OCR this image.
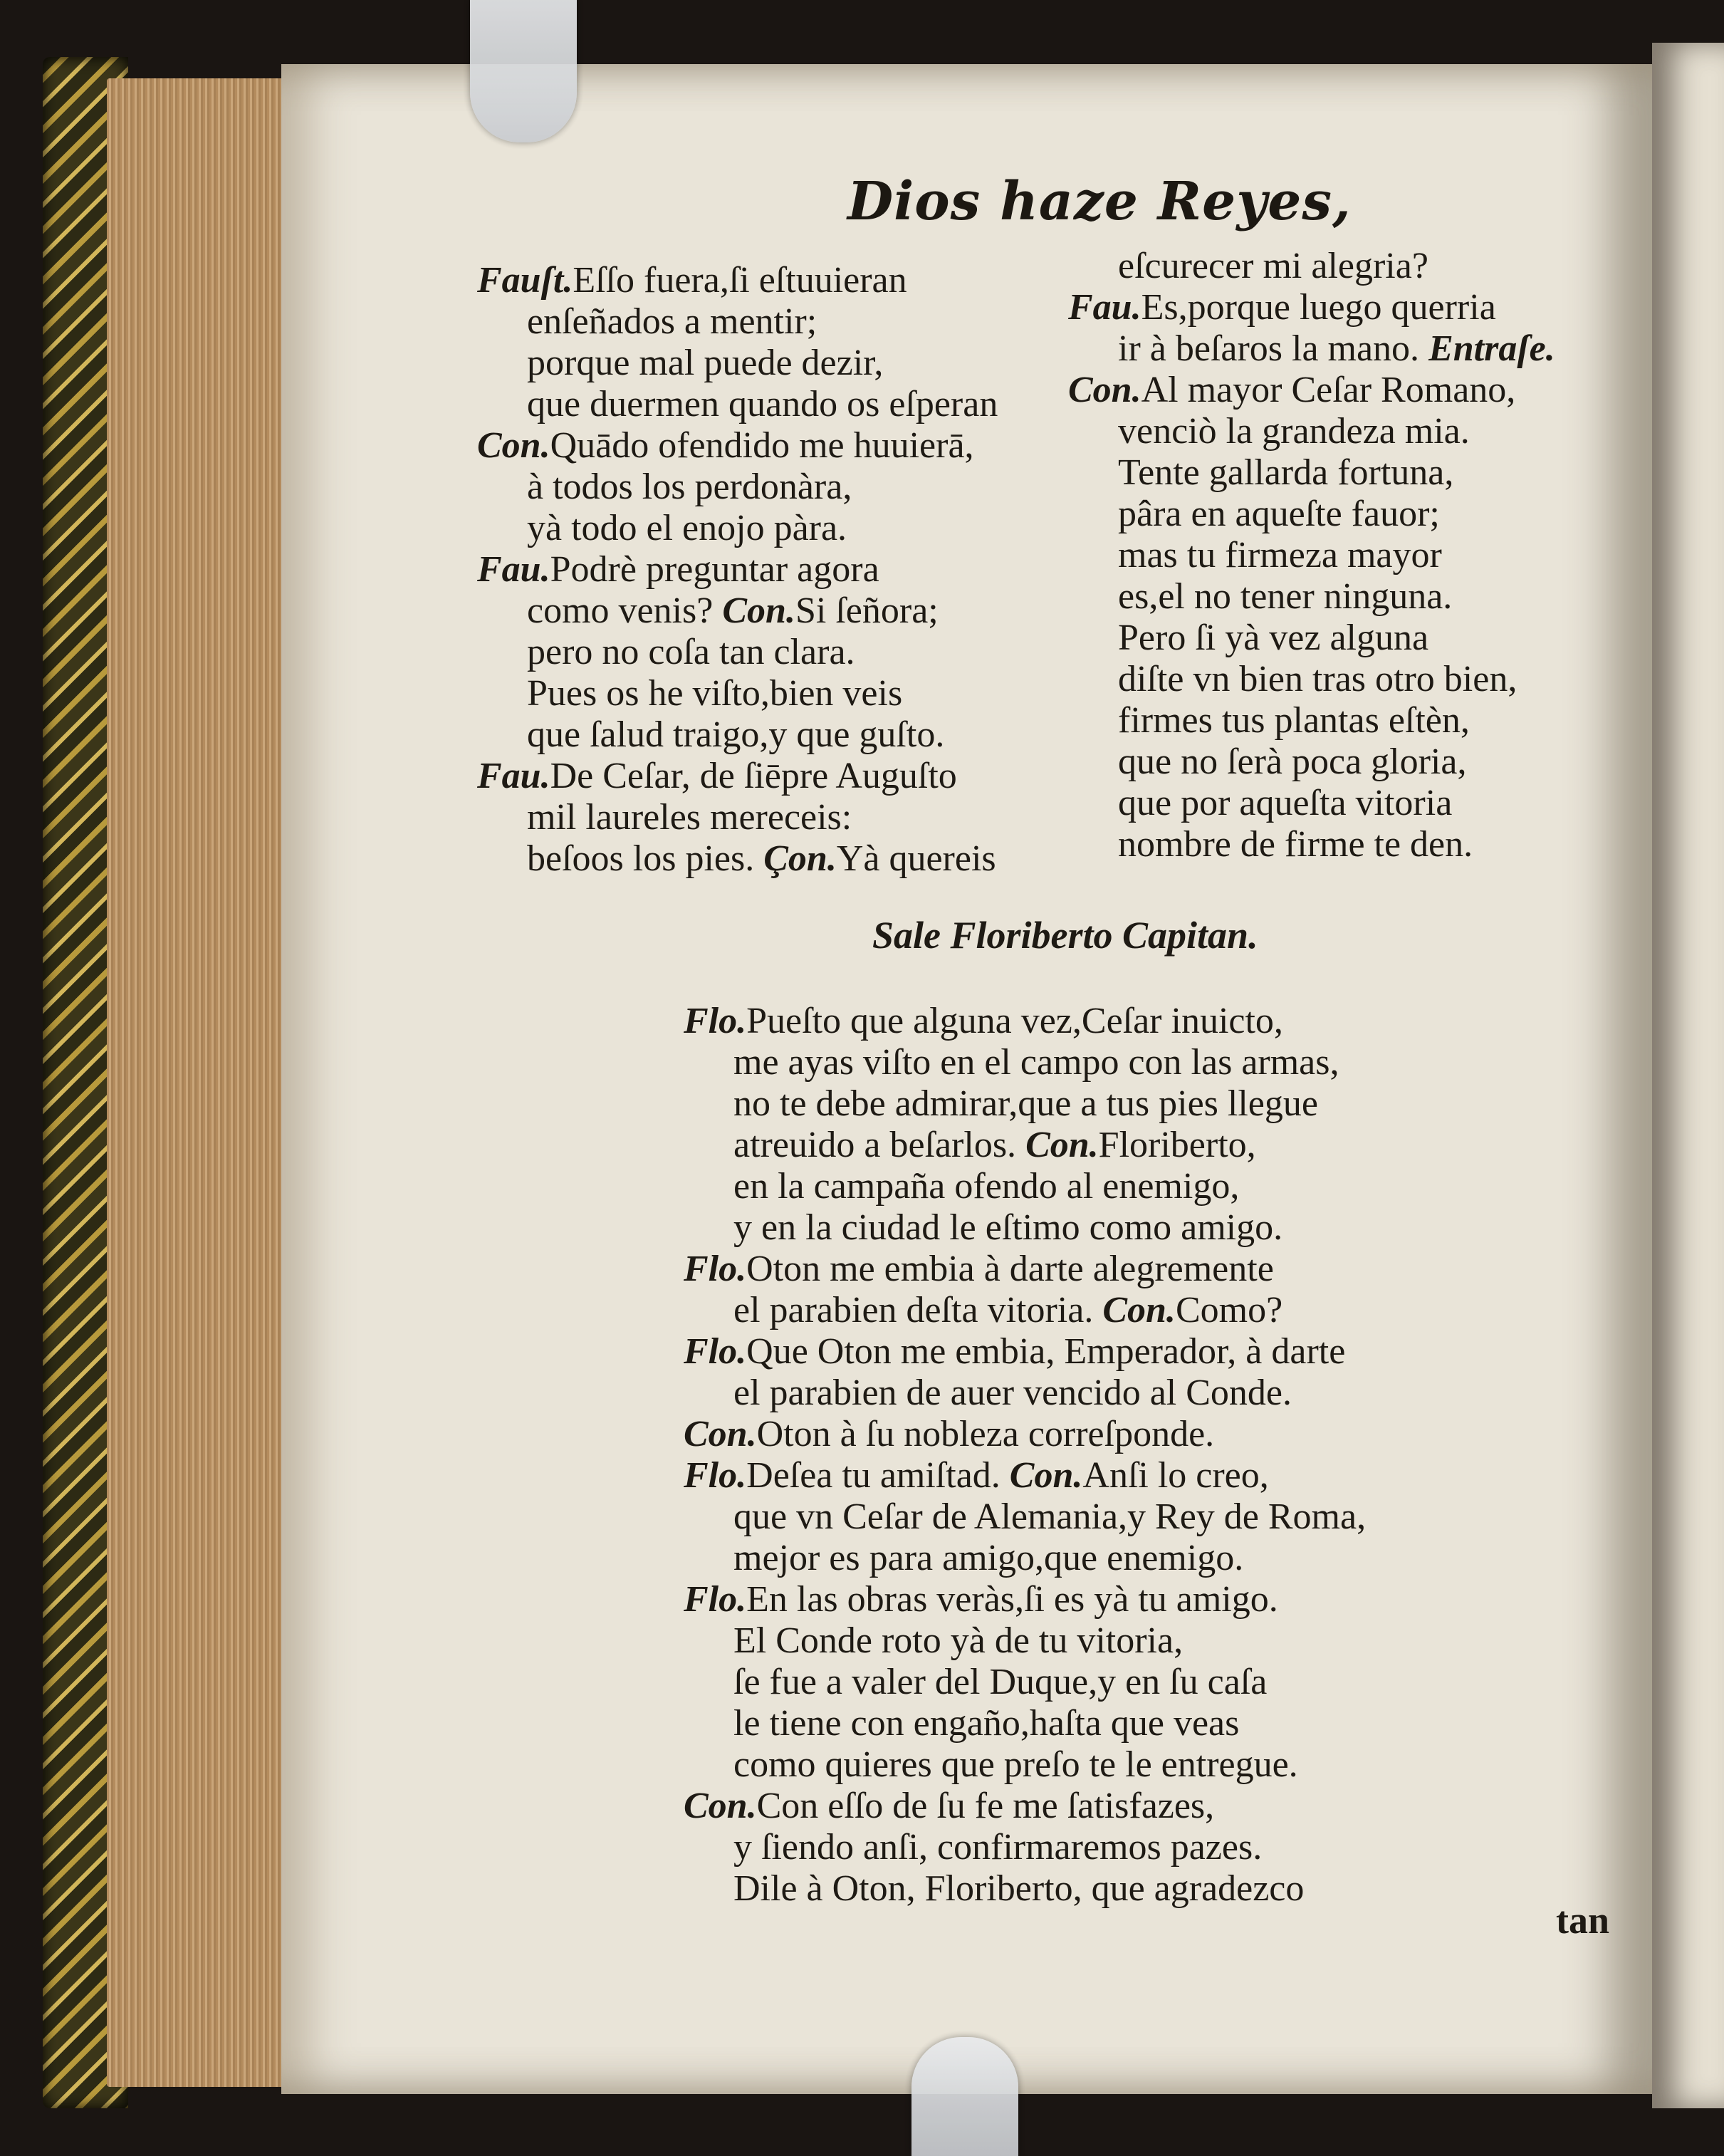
Dios haze Reyes,
Fauſt.Eſſo fuera,ſi eſtuuieran
enſeñados a mentir;
porque mal puede dezir,
que duermen quando os eſperan
Con.Quādo ofendido me huuierā,
à todos los perdonàra,
yà todo el enojo pàra.
Fau.Podrè preguntar agora
como venis? Con.Si ſeñora;
pero no coſa tan clara.
Pues os he viſto,bien veis
que ſalud traigo,y que guſto.
Fau.De Ceſar, de ſiēpre Auguſto
mil laureles mereceis:
beſoos los pies. Çon.Yà quereis
eſcurecer mi alegria?
Fau.Es,porque luego querria
ir à beſaros la mano. Entraſe.
Con.Al mayor Ceſar Romano,
venciò la grandeza mia.
Tente gallarda fortuna,
pâra en aqueſte fauor;
mas tu firmeza mayor
es,el no tener ninguna.
Pero ſi yà vez alguna
diſte vn bien tras otro bien,
firmes tus plantas eſtèn,
que no ſerà poca gloria,
que por aqueſta vitoria
nombre de firme te den.
Sale Floriberto Capitan.
Flo.Pueſto que alguna vez,Ceſar inuicto,
me ayas viſto en el campo con las armas,
no te debe admirar,que a tus pies llegue
atreuido a beſarlos. Con.Floriberto,
en la campaña ofendo al enemigo,
y en la ciudad le eſtimo como amigo.
Flo.Oton me embia à darte alegremente
el parabien deſta vitoria. Con.Como?
Flo.Que Oton me embia, Emperador, à darte
el parabien de auer vencido al Conde.
Con.Oton à ſu nobleza correſponde.
Flo.Deſea tu amiſtad. Con.Anſi lo creo,
que vn Ceſar de Alemania,y Rey de Roma,
mejor es para amigo,que enemigo.
Flo.En las obras veràs,ſi es yà tu amigo.
El Conde roto yà de tu vitoria,
ſe fue a valer del Duque,y en ſu caſa
le tiene con engaño,haſta que veas
como quieres que preſo te le entregue.
Con.Con eſſo de ſu fe me ſatisfazes,
y ſiendo anſi, confirmaremos pazes.
Dile à Oton, Floriberto, que agradezco
tan
